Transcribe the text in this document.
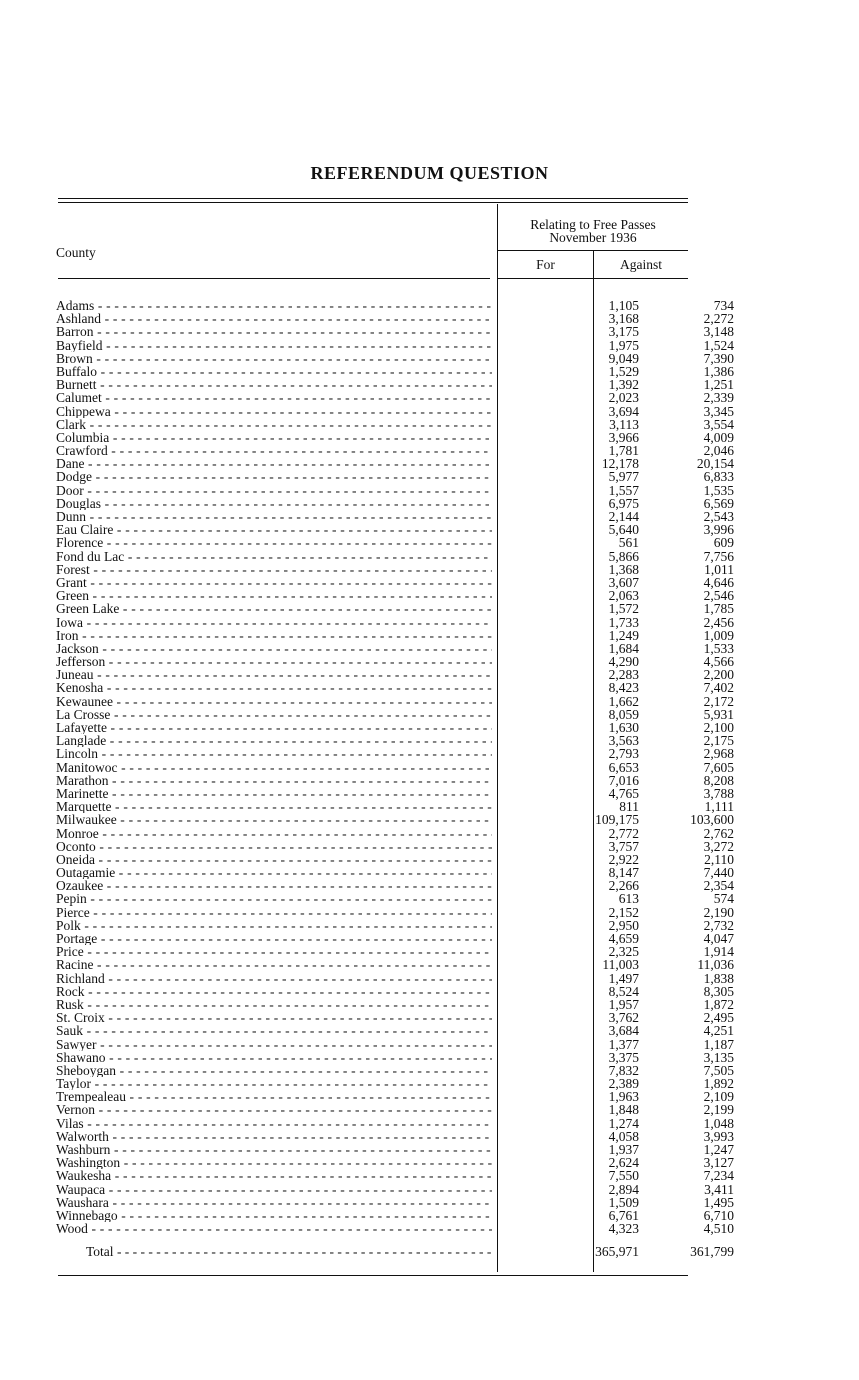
REFERENDUM QUESTION
County
Relating to Free Passes
November 1936
For	Against
Adams - - -	1,105	734
Ashland - - -	3,168	2,272
Barron - - -	3,175	3,148
Bayfield - - -	1,975	1,524
Brown - - -	9,049	7,390
Buffalo - - -	1,529	1,386
Burnett - - -	1,392	1,251
Calumet - - -	2,023	2,339
Chippewa - - -	3,694	3,345
Clark - - -	3,113	3,554
Columbia - - -	3,966	4,009
Crawford - - -	1,781	2,046
Dane - - -	12,178	20,154
Dodge - - -	5,977	6,833
Door - - -	1,557	1,535
Douglas - - -	6,975	6,569
Dunn - - -	2,144	2,543
Eau Claire - - -	5,640	3,996
Florence - - -	561	609
Fond du Lac - - -	5,866	7,756
Forest - - -	1,368	1,011
Grant - - -	3,607	4,646
Green - - -	2,063	2,546
Green Lake - - -	1,572	1,785
Iowa - - -	1,733	2,456
Iron - - -	1,249	1,009
Jackson - - -	1,684	1,533
Jefferson - - -	4,290	4,566
Juneau - - -	2,283	2,200
Kenosha - - -	8,423	7,402
Kewaunee - - -	1,662	2,172
La Crosse - - -	8,059	5,931
Lafayette - - -	1,630	2,100
Langlade - - -	3,563	2,175
Lincoln - - -	2,793	2,968
Manitowoc - - -	6,653	7,605
Marathon - - -	7,016	8,208
Marinette - - -	4,765	3,788
Marquette - - -	811	1,111
Milwaukee - - -	109,175	103,600
Monroe - - -	2,772	2,762
Oconto - - -	3,757	3,272
Oneida - - -	2,922	2,110
Outagamie - - -	8,147	7,440
Ozaukee - - -	2,266	2,354
Pepin - - -	613	574
Pierce - - -	2,152	2,190
Polk - - -	2,950	2,732
Portage - - -	4,659	4,047
Price - - -	2,325	1,914
Racine - - -	11,003	11,036
Richland - - -	1,497	1,838
Rock - - -	8,524	8,305
Rusk - - -	1,957	1,872
St. Croix - - -	3,762	2,495
Sauk - - -	3,684	4,251
Sawyer - - -	1,377	1,187
Shawano - - -	3,375	3,135
Sheboygan - - -	7,832	7,505
Taylor - - -	2,389	1,892
Trempealeau - - -	1,963	2,109
Vernon - - -	1,848	2,199
Vilas - - -	1,274	1,048
Walworth - - -	4,058	3,993
Washburn - - -	1,937	1,247
Washington - - -	2,624	3,127
Waukesha - - -	7,550	7,234
Waupaca - - -	2,894	3,411
Waushara - - -	1,509	1,495
Winnebago - - -	6,761	6,710
Wood - - -	4,323	4,510
Total - - -	365,971	361,799
